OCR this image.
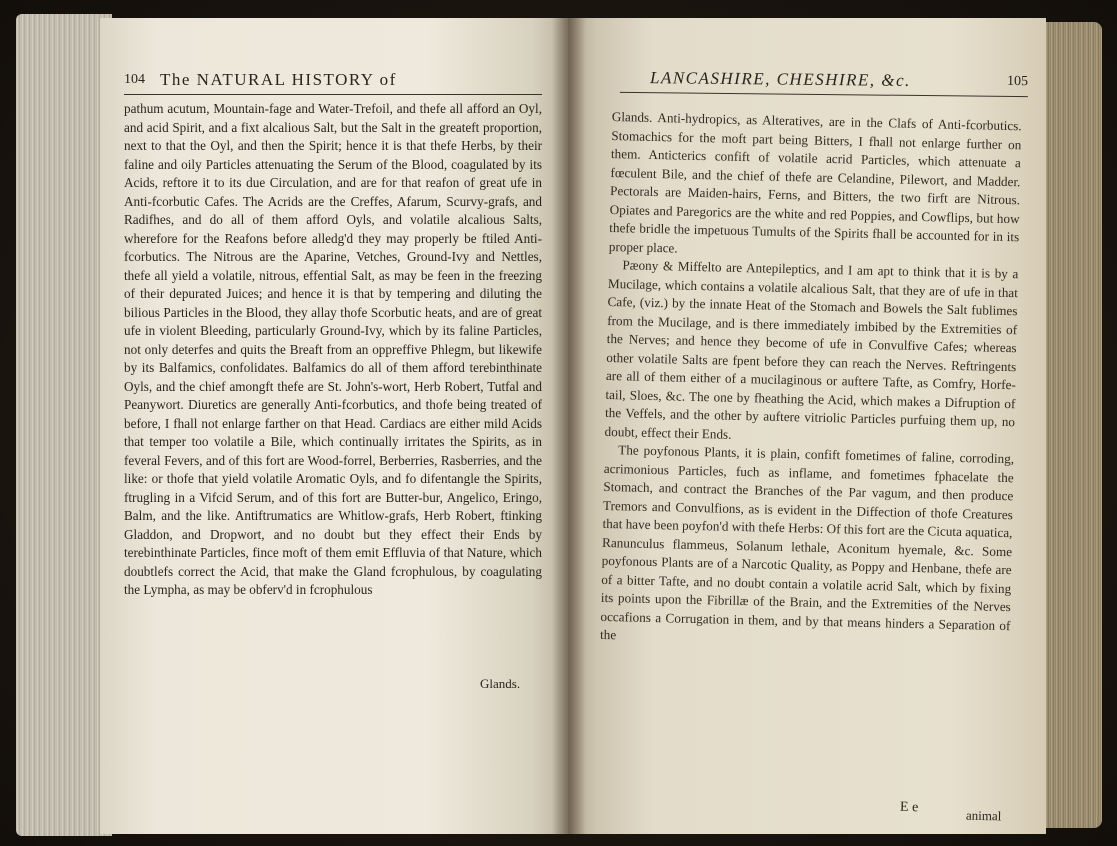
104 The NATURAL HISTORY of

pathum acutum, Mountain-fage and Water-Trefoil, and thefe all afford an Oyl, and acid Spirit, and a fixt alcalious Salt, but the Salt in the greateft proportion, next to that the Oyl, and then the Spirit; hence it is that thefe Herbs, by their faline and oily Particles attenuating the Serum of the Blood, coagulated by its Acids, reftore it to its due Circulation, and are for that reafon of great ufe in Anti-fcorbutic Cafes. The Acrids are the Creffes, Afarum, Scurvy-grafs, and Radifhes, and do all of them afford Oyls, and volatile alcalious Salts, wherefore for the Reafons before alledg'd they may properly be ftiled Anti-fcorbutics. The Nitrous are the Aparine, Vetches, Ground-Ivy and Nettles, thefe all yield a volatile, nitrous, effential Salt, as may be feen in the freezing of their depurated Juices; and hence it is that by tempering and diluting the bilious Particles in the Blood, they allay thofe Scorbutic heats, and are of great ufe in violent Bleeding, particularly Ground-Ivy, which by its faline Particles, not only deterfes and quits the Breaft from an oppreffive Phlegm, but likewife by its Balfamics, confolidates. Balfamics do all of them afford terebinthinate Oyls, and the chief amongft thefe are St. John's-wort, Herb Robert, Tutfal and Peanywort. Diuretics are generally Anti-fcorbutics, and thofe being treated of before, I fhall not enlarge farther on that Head. Cardiacs are either mild Acids that temper too volatile a Bile, which continually irritates the Spirits, as in feveral Fevers, and of this fort are Wood-forrel, Berberries, Rasberries, and the like: or thofe that yield volatile Aromatic Oyls, and fo difentangle the Spirits, ftrugling in a Vifcid Serum, and of this fort are Butter-bur, Angelico, Eringo, Balm, and the like. Antiftrumatics are Whitlow-grafs, Herb Robert, ftinking Gladdon, and Dropwort, and no doubt but they effect their Ends by terebinthinate Particles, fince moft of them emit Effluvia of that Nature, which doubtlefs correct the Acid, that make the Gland fcrophulous, by coagulating the Lympha, as may be obferv'd in fcrophulous

Glands.
LANCASHIRE, CHESHIRE, &c.	105

Glands. Anti-hydropics, as Alteratives, are in the Clafs of Anti-fcorbutics. Stomachics for the moft part being Bitters, I fhall not enlarge further on them. Anticterics confift of volatile acrid Particles, which attenuate a fœculent Bile, and the chief of thefe are Celandine, Pilewort, and Madder. Pectorals are Maiden-hairs, Ferns, and Bitters, the two firft are Nitrous. Opiates and Paregorics are the white and red Poppies, and Cowflips, but how thefe bridle the impetuous Tumults of the Spirits fhall be accounted for in its proper place.

Pæony & Miffelto are Antepileptics, and I am apt to think that it is by a Mucilage, which contains a volatile alcalious Salt, that they are of ufe in that Cafe, (viz.) by the innate Heat of the Stomach and Bowels the Salt fublimes from the Mucilage, and is there immediately imbibed by the Extremities of the Nerves; and hence they become of ufe in Convulfive Cafes; whereas other volatile Salts are fpent before they can reach the Nerves. Reftringents are all of them either of a mucilaginous or auftere Tafte, as Comfry, Horfe-tail, Sloes, &c. The one by fheathing the Acid, which makes a Difruption of the Veffels, and the other by auftere vitriolic Particles purfuing them up, no doubt, effect their Ends.

The poyfonous Plants, it is plain, confift fometimes of faline, corroding, acrimonious Particles, fuch as inflame, and fometimes fphacelate the Stomach, and contract the Branches of the Par vagum, and then produce Tremors and Convulfions, as is evident in the Diffection of thofe Creatures that have been poyfon'd with thefe Herbs: Of this fort are the Cicuta aquatica, Ranunculus flammeus, Solanum lethale, Aconitum hyemale, &c. Some poyfonous Plants are of a Narcotic Quality, as Poppy and Henbane, thefe are of a bitter Tafte, and no doubt contain a volatile acrid Salt, which by fixing its points upon the Fibrillæ of the Brain, and the Extremities of the Nerves occafions a Corrugation in them, and by that means hinders a Separation of the

E e
animal
